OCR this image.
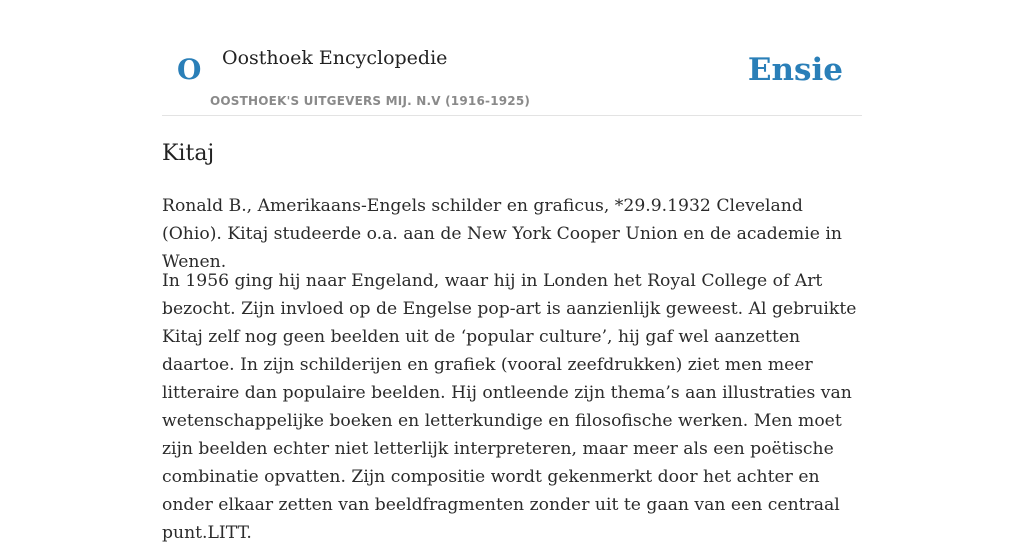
O Oosthoek Encyclopedie
OOSTHOEK'S UITGEVERS MIJ. N.V (1916-1925)
Ensie
Kitaj

Ronald B., Amerikaans-Engels schilder en graficus, *29.9.1932 Cleveland (Ohio). Kitaj studeerde o.a. aan de New York Cooper Union en de academie in Wenen.

In 1956 ging hij naar Engeland, waar hij in Londen het Royal College of Art bezocht. Zijn invloed op de Engelse pop-art is aanzienlijk geweest. Al gebruikte Kitaj zelf nog geen beelden uit de ‘popular culture’, hij gaf wel aanzetten daartoe. In zijn schilderijen en grafiek (vooral zeefdrukken) ziet men meer litteraire dan populaire beelden. Hij ontleende zijn thema’s aan illustraties van wetenschappelijke boeken en letterkundige en filosofische werken. Men moet zijn beelden echter niet letterlijk interpreteren, maar meer als een poëtische combinatie opvatten. Zijn compositie wordt gekenmerkt door het achter en onder elkaar zetten van beeldfragmenten zonder uit te gaan van een centraal punt.LITT.
